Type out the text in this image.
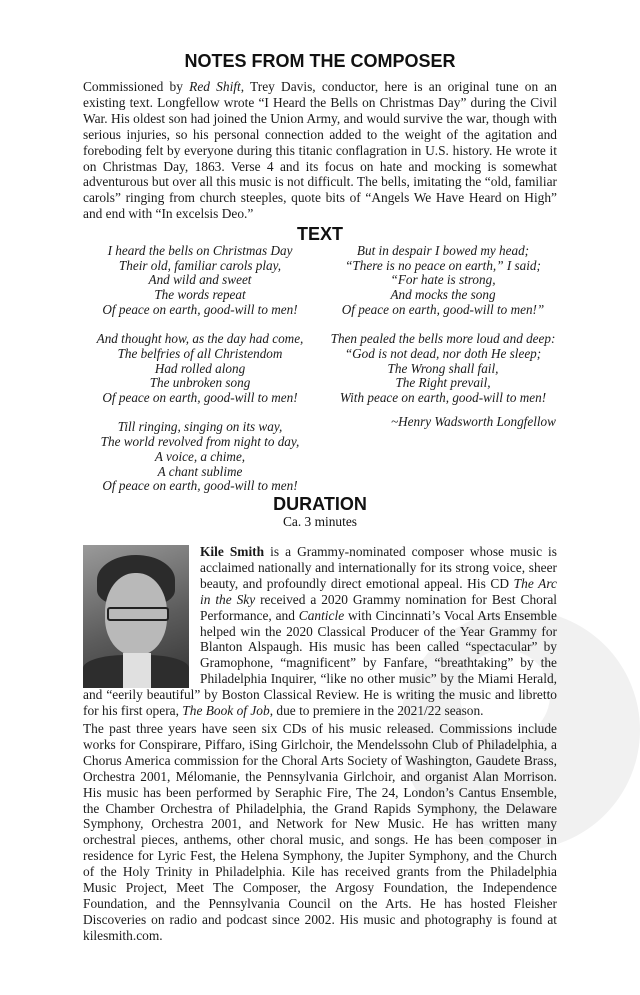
NOTES FROM THE COMPOSER

Commissioned by Red Shift, Trey Davis, conductor, here is an original tune on an existing text. Longfellow wrote “I Heard the Bells on Christmas Day” during the Civil War. His oldest son had joined the Union Army, and would survive the war, though with serious injuries, so his personal connection added to the weight of the agitation and foreboding felt by everyone during this titanic conflagration in U.S. history. He wrote it on Christmas Day, 1863. Verse 4 and its focus on hate and mocking is somewhat adventurous but over all this music is not difficult. The bells, imitating the “old, familiar carols” ringing from church steeples, quote bits of “Angels We Have Heard on High” and end with “In excelsis Deo.”

TEXT
I heard the bells on Christmas Day
Their old, familiar carols play,
And wild and sweet
The words repeat
Of peace on earth, good-will to men!
And thought how, as the day had come,
The belfries of all Christendom
Had rolled along
The unbroken song
Of peace on earth, good-will to men!
Till ringing, singing on its way,
The world revolved from night to day,
A voice, a chime,
A chant sublime
Of peace on earth, good-will to men!
But in despair I bowed my head;
“There is no peace on earth,” I said;
“For hate is strong,
And mocks the song
Of peace on earth, good-will to men!”
Then pealed the bells more loud and deep:
“God is not dead, nor doth He sleep;
The Wrong shall fail,
The Right prevail,
With peace on earth, good-will to men!
~Henry Wadsworth Longfellow
DURATION
Ca. 3 minutes

Kile Smith is a Grammy-nominated composer whose music is acclaimed nationally and internationally for its strong voice, sheer beauty, and profoundly direct emotional appeal. His CD The Arc in the Sky received a 2020 Grammy nomination for Best Choral Performance, and Canticle with Cincinnati’s Vocal Arts Ensemble helped win the 2020 Classical Producer of the Year Grammy for Blanton Alspaugh. His music has been called “spectacular” by Gramophone, “magnificent” by Fanfare, “breathtaking” by the Philadelphia Inquirer, “like no other music” by the Miami Herald, and “eerily beautiful” by Boston Classical Review. He is writing the music and libretto for his first opera, The Book of Job, due to premiere in the 2021/22 season.

The past three years have seen six CDs of his music released. Commissions include works for Conspirare, Piffaro, iSing Girlchoir, the Mendelssohn Club of Philadelphia, a Chorus America commission for the Choral Arts Society of Washington, Gaudete Brass, Orchestra 2001, Mélomanie, the Pennsylvania Girlchoir, and organist Alan Morrison. His music has been performed by Seraphic Fire, The 24, London’s Cantus Ensemble, the Chamber Orchestra of Philadelphia, the Grand Rapids Symphony, the Delaware Symphony, Orchestra 2001, and Network for New Music. He has written many orchestral pieces, anthems, other choral music, and songs. He has been composer in residence for Lyric Fest, the Helena Symphony, the Jupiter Symphony, and the Church of the Holy Trinity in Philadelphia. Kile has received grants from the Philadelphia Music Project, Meet The Composer, the Argosy Foundation, the Independence Foundation, and the Pennsylvania Council on the Arts. He has hosted Fleisher Discoveries on radio and podcast since 2002. His music and photography is found at kilesmith.com.
